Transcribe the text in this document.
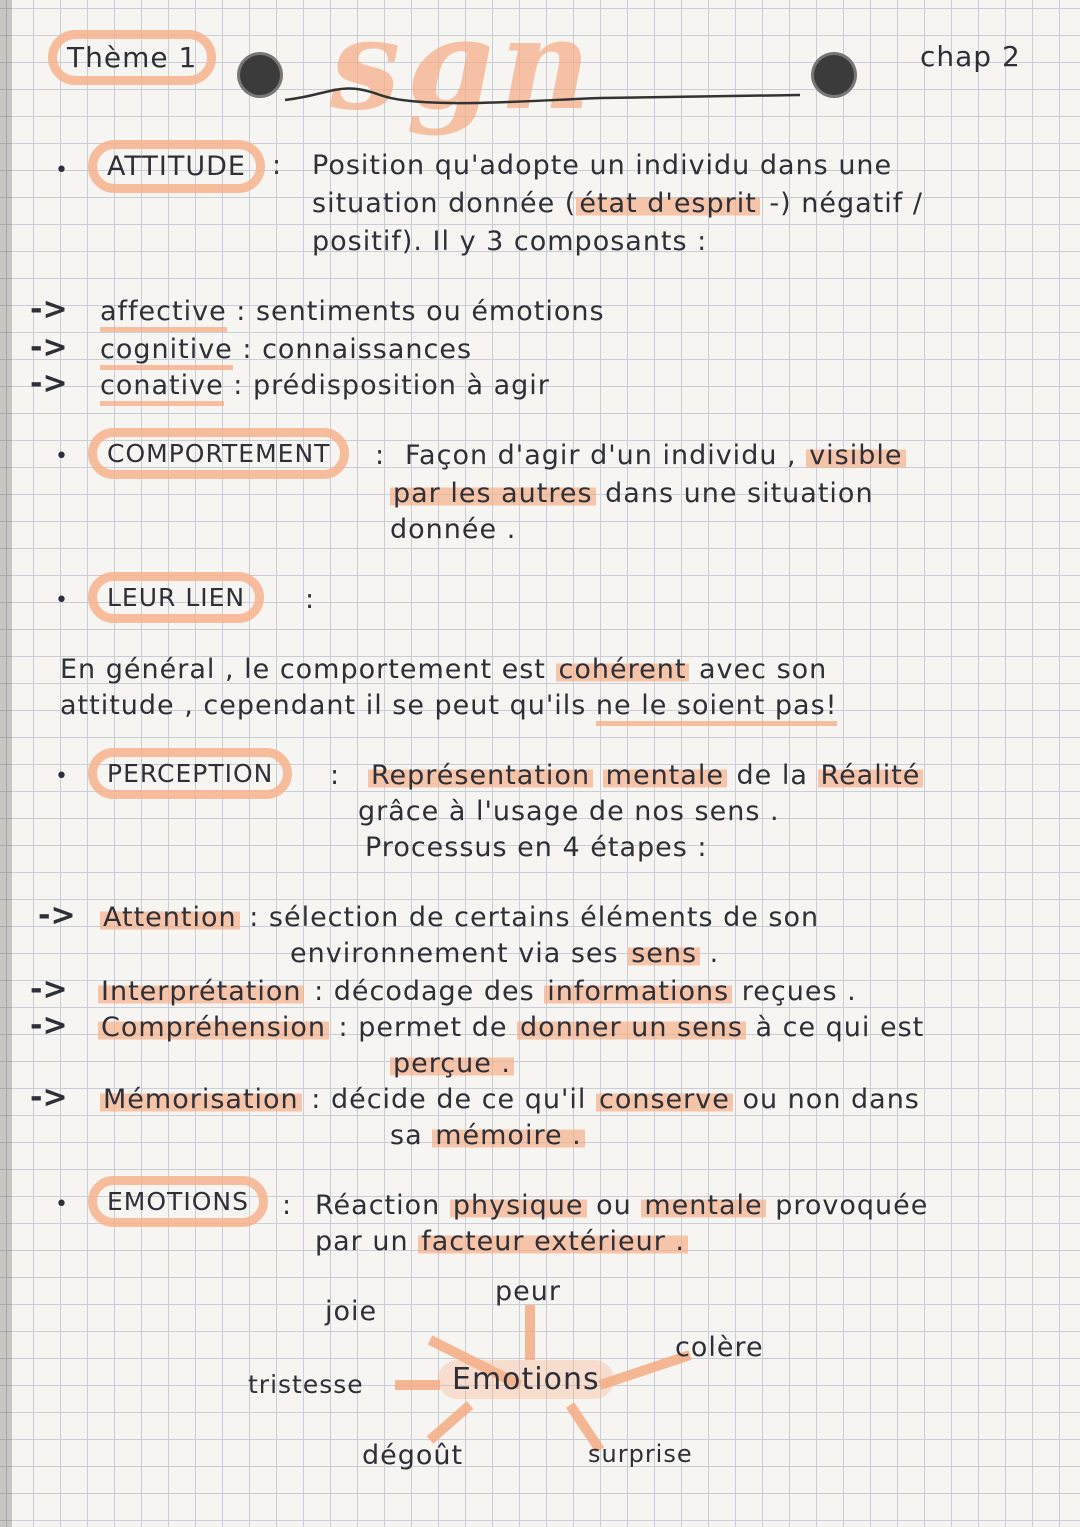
Thème 1 sgn	chap 2
•	ATTITUDE : Position qu'adopte un individu dans une
situation donnée ( état d'esprit -) négatif /
positif). Il y 3 composants :
-> affective : sentiments ou émotions
-> cognitive : connaissances
-> conative : prédisposition à agir
•	COMPORTEMENT	: Façon d'agir d'un individu , visible
par les autres dans une situation
donnée .
•	LEUR LIEN	:
En général , le comportement est cohérent avec son
attitude , cependant il se peut qu'ils ne le soient pas!
•	PERCEPTION	: Représentation mentale de la Réalité
grâce à l'usage de nos sens .
Processus en 4 étapes :
-> Attention : sélection de certains éléments de son
environnement via ses sens .
-> Interprétation : décodage des informations reçues .
-> Compréhension : permet de donner un sens à ce qui est
perçue .
-> Mémorisation : décide de ce qu'il conserve ou non dans
sa mémoire .
•	EMOTIONS	: Réaction physique ou mentale provoquée
par un facteur extérieur .
Emotions
joie
peur
colère
tristesse
dégoût	surprise
